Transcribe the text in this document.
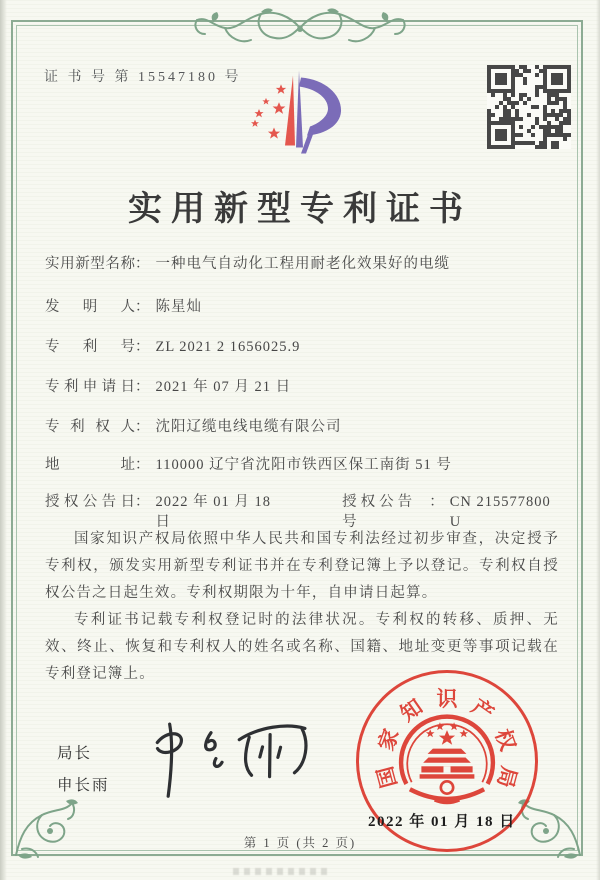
证 书 号 第 15547180 号
实用新型专利证书
实用新型名称 ： 一种电气自动化工程用耐老化效果好的电缆
发明人 ： 陈星灿
专利号 ： ZL 2021 2 1656025.9
专利申请日 ： 2021 年 07 月 21 日
专利权人 ： 沈阳辽缆电线电缆有限公司
地址 ： 110000 辽宁省沈阳市铁西区保工南街 51 号
授权公告日 ： 2022 年 01 月 18 日
授权公告号
： CN 215577800 U

国家知识产权局依照中华人民共和国专利法经过初步审查，决定授予专利权，颁发实用新型专利证书并在专利登记簿上予以登记。专利权自授权公告之日起生效。专利权期限为十年，自申请日起算。

专利证书记载专利权登记时的法律状况。专利权的转移、质押、无效、终止、恢复和专利权人的姓名或名称、国籍、地址变更等事项记载在专利登记簿上。

局长
申长雨	国
家
知 识 产
权
局
2022 年 01 月 18 日
第 1 页 (共 2 页)
